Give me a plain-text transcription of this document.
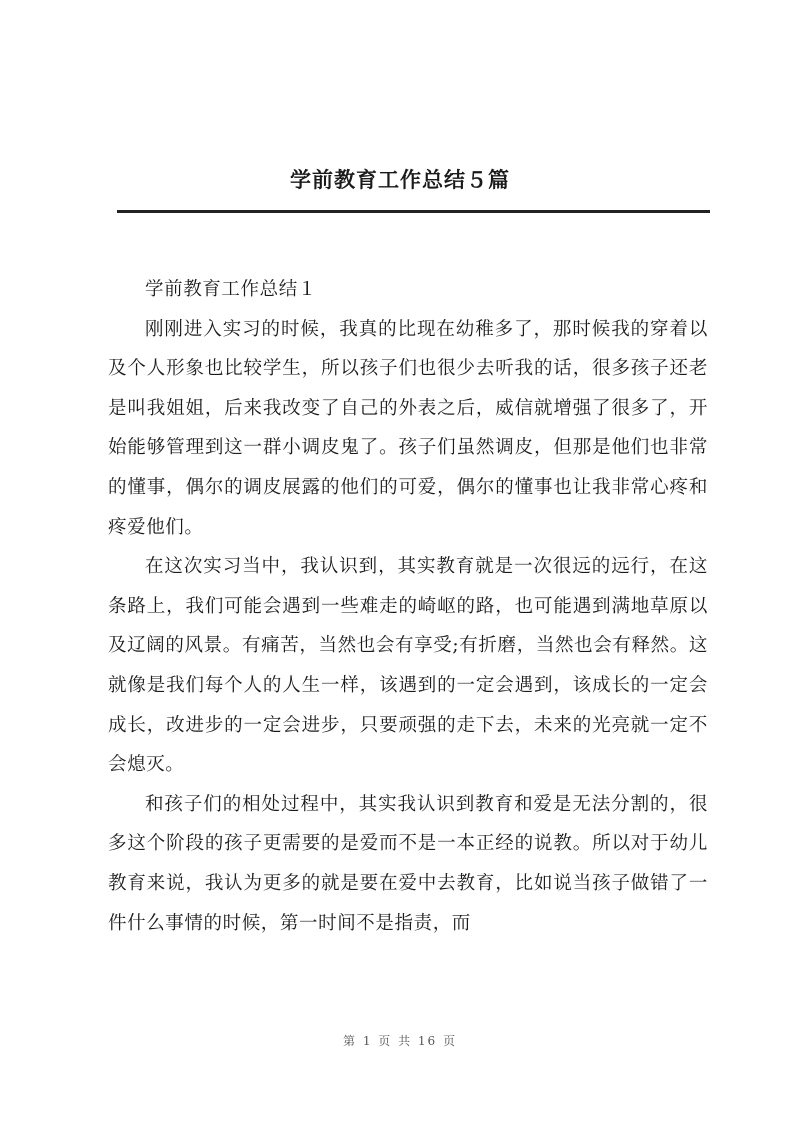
学前教育工作总结５篇

学前教育工作总结１

刚刚进入实习的时候，我真的比现在幼稚多了，那时候我的穿着以及个人形象也比较学生，所以孩子们也很少去听我的话，很多孩子还老是叫我姐姐，后来我改变了自己的外表之后，威信就增强了很多了，开始能够管理到这一群小调皮鬼了。孩子们虽然调皮，但那是他们也非常的懂事，偶尔的调皮展露的他们的可爱，偶尔的懂事也让我非常心疼和疼爱他们。

在这次实习当中，我认识到，其实教育就是一次很远的远行，在这条路上，我们可能会遇到一些难走的崎岖的路，也可能遇到满地草原以及辽阔的风景。有痛苦，当然也会有享受;有折磨，当然也会有释然。这就像是我们每个人的人生一样，该遇到的一定会遇到，该成长的一定会成长，改进步的一定会进步，只要顽强的走下去，未来的光亮就一定不会熄灭。

和孩子们的相处过程中，其实我认识到教育和爱是无法分割的，很多这个阶段的孩子更需要的是爱而不是一本正经的说教。所以对于幼儿教育来说，我认为更多的就是要在爱中去教育，比如说当孩子做错了一件什么事情的时候，第一时间不是指责，而

第 1 页 共 16 页
